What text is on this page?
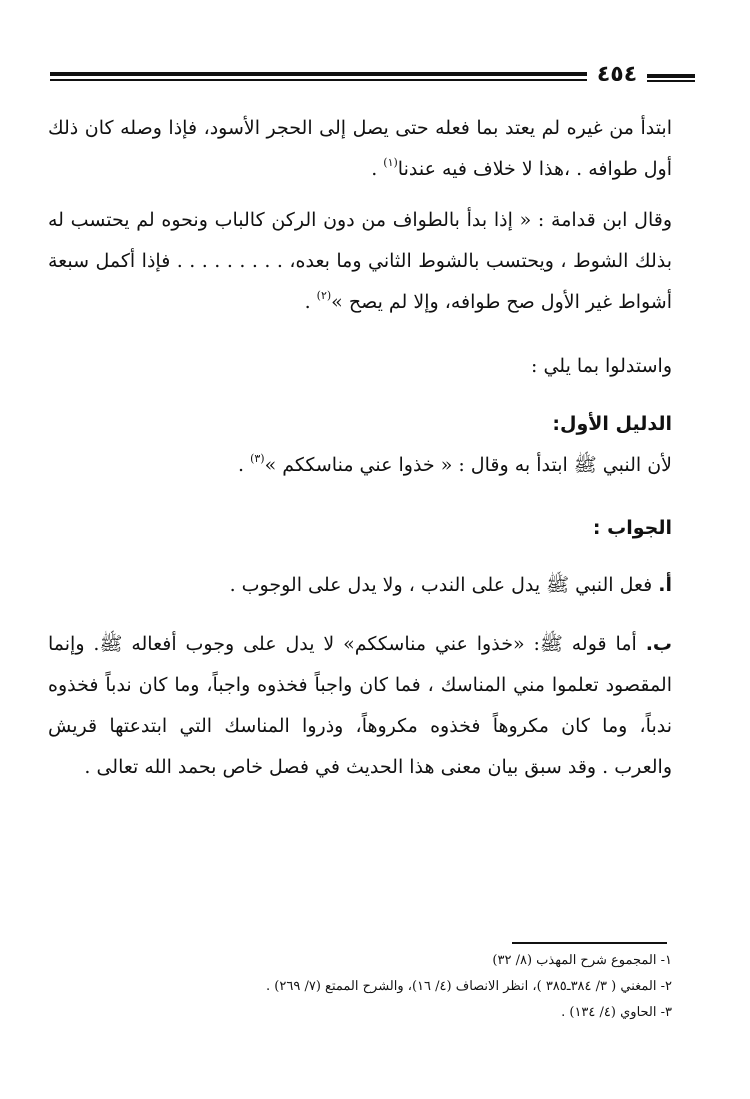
٤٥٤

ابتدأ من غيره لم يعتد بما فعله حتى يصل إلى الحجر الأسود، فإذا وصله كان ذلك أول طوافه . ،هذا لا خلاف فيه عندنا$^{(١)}$ .

وقال ابن قدامة : « إذا بدأ بالطواف من دون الركن كالباب ونحوه لم يحتسب له بذلك الشوط ، ويحتسب بالشوط الثاني وما بعده، . . . . . . . . . فإذا أكمل سبعة أشواط غير الأول صح طوافه، وإلا لم يصح »$^{(٢)}$ .

واستدلوا بما يلي :

الدليل الأول:

لأن النبي ﷺ ابتدأ به وقال : « خذوا عني مناسككم »$^{(٣)}$ .

الجواب :

أ. فعل النبي ﷺ يدل على الندب ، ولا يدل على الوجوب .

ب. أما قوله ﷺ: «خذوا عني مناسككم» لا يدل على وجوب أفعاله ﷺ. وإنما المقصود تعلموا مني المناسك ، فما كان واجباً فخذوه واجباً، وما كان ندباً فخذوه ندباً، وما كان مكروهاً فخذوه مكروهاً، وذروا المناسك التي ابتدعتها قريش والعرب . وقد سبق بيان معنى هذا الحديث في فصل خاص بحمد الله تعالى .

١- المجموع شرح المهذب (٨/ ٣٢)

٢- المغني ( ٣/ ٣٨٤ـ٣٨٥ )، انظر الانصاف (٤/ ١٦)، والشرح الممتع (٧/ ٢٦٩) .

٣- الحاوي (٤/ ١٣٤) .
